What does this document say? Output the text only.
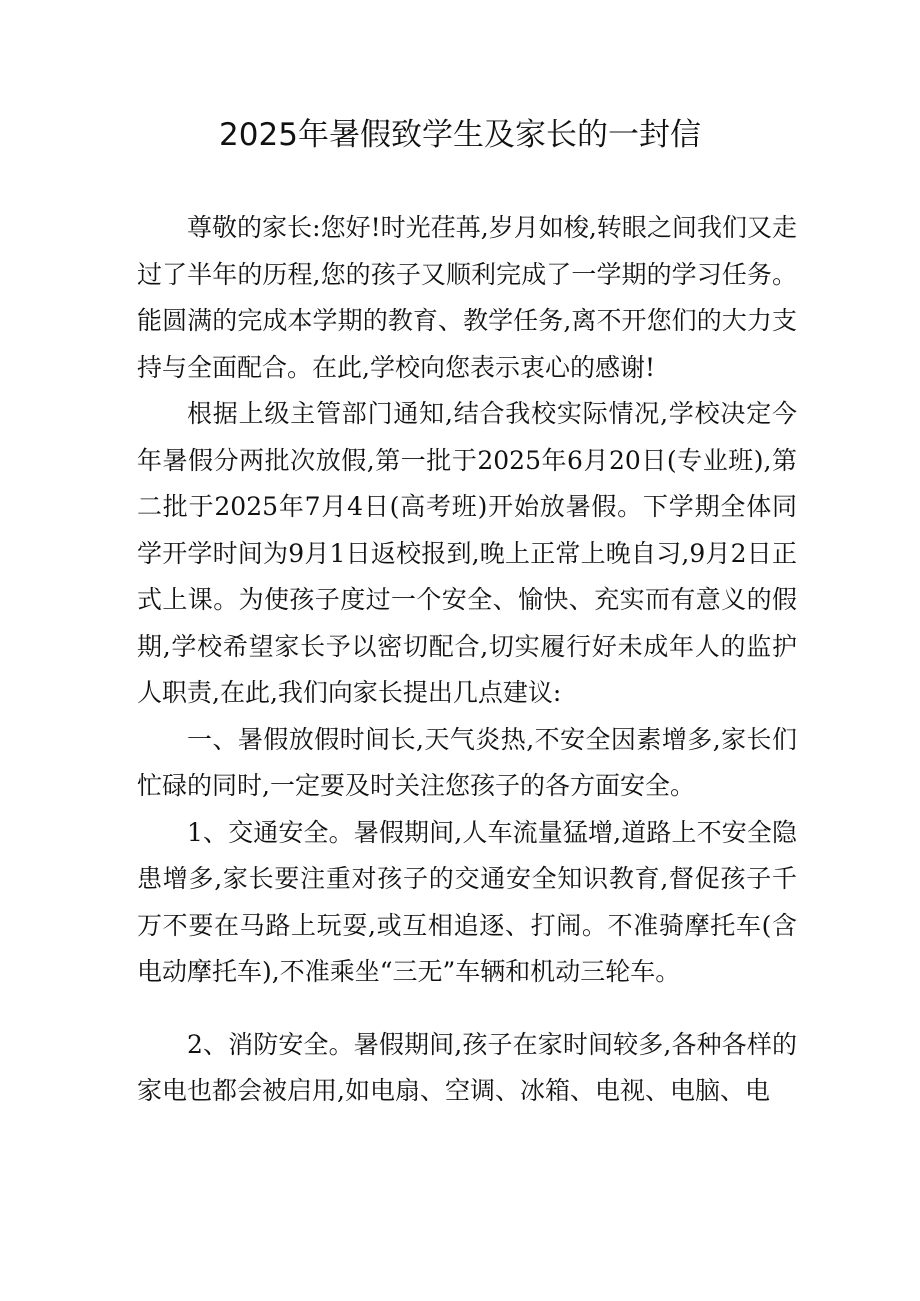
2025年暑假致学生及家长的一封信

尊敬的家长:您好!时光荏苒,岁月如梭,转眼之间我们又走过了半年的历程,您的孩子又顺利完成了一学期的学习任务。能圆满的完成本学期的教育、教学任务,离不开您们的大力支持与全面配合。在此,学校向您表示衷心的感谢!

根据上级主管部门通知,结合我校实际情况,学校决定今年暑假分两批次放假,第一批于2025年6月20日(专业班),第二批于2025年7月4日(高考班)开始放暑假。下学期全体同学开学时间为9月1日返校报到,晚上正常上晚自习,9月2日正式上课。为使孩子度过一个安全、愉快、充实而有意义的假期,学校希望家长予以密切配合,切实履行好未成年人的监护人职责,在此,我们向家长提出几点建议:

一、暑假放假时间长,天气炎热,不安全因素增多,家长们忙碌的同时,一定要及时关注您孩子的各方面安全。

1、交通安全。暑假期间,人车流量猛增,道路上不安全隐患增多,家长要注重对孩子的交通安全知识教育,督促孩子千万不要在马路上玩耍,或互相追逐、打闹。不准骑摩托车(含电动摩托车),不准乘坐“三无”车辆和机动三轮车。

2、消防安全。暑假期间,孩子在家时间较多,各种各样的家电也都会被启用,如电扇、空调、冰箱、电视、电脑、电
